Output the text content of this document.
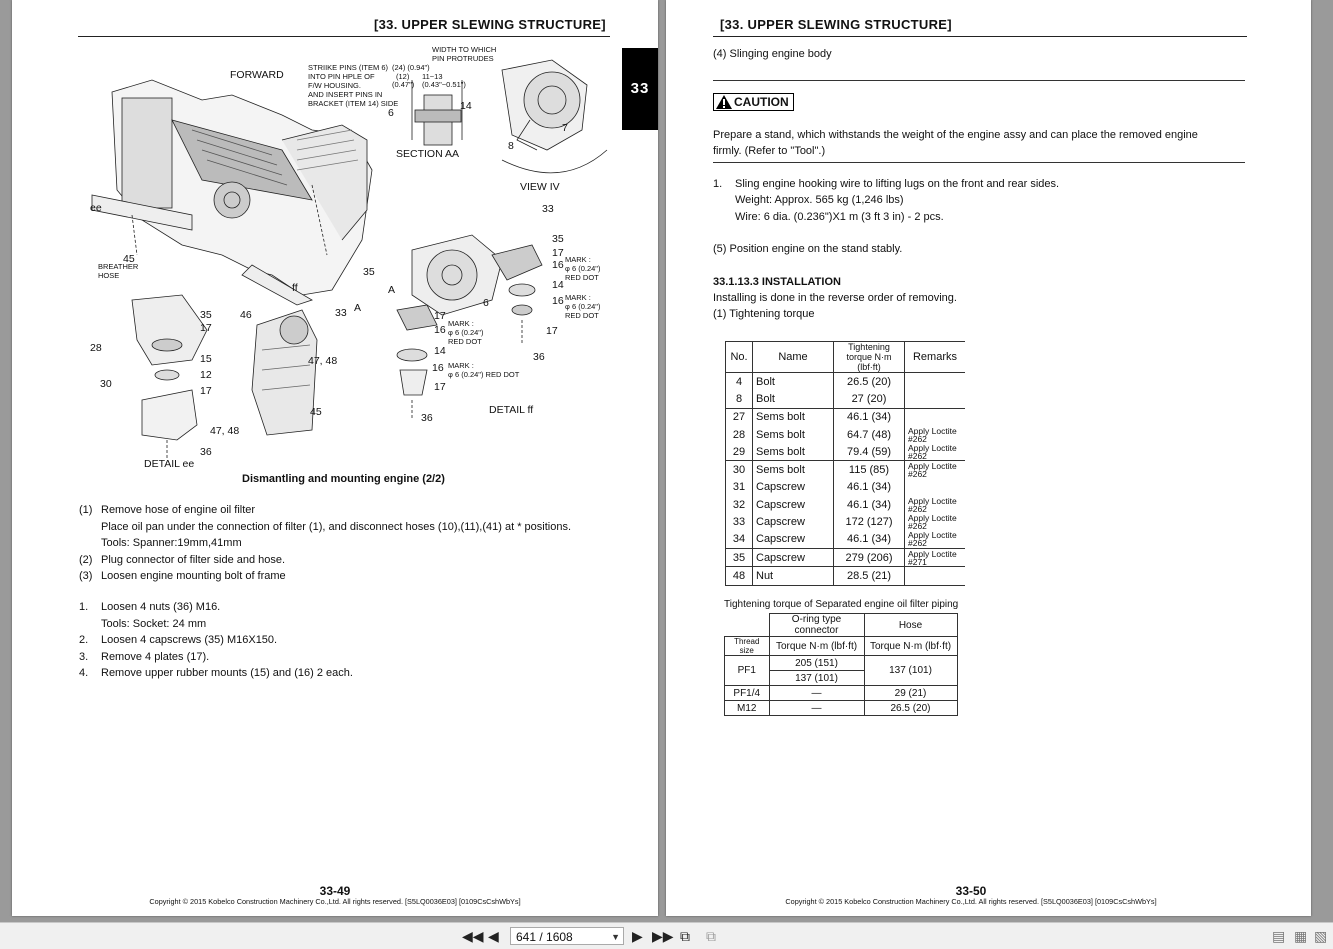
[33. UPPER SLEWING STRUCTURE]
FORWARD
STRIIKE PINS (ITEM 6)
INTO PIN HPLE OF
F/W HOUSING.
AND INSERT PINS IN
BRACKET (ITEM 14) SIDE
WIDTH TO WHICH
PIN PROTRUDES
(24) (0.94")
(12)
(0.47")
11~13
(0.43"~0.51")
6
14
7
8
SECTION AA
VIEW IV
ee
45
BREATHER
HOSE
ff
33
35
17
16 MARK :
φ 6 (0.24")
RED DOT
14
16 MARK :
φ 6 (0.24")
RED DOT
17
36
35
A
6
A
33	17
MARK :
φ 6 (0.24")
RED DOT
16
14
16 MARK :
φ 6 (0.24") RED DOT
17
36
DETAIL ff
35
17
46
28
15
12
30
17
47, 48
45
47, 48
36
DETAIL ee
Dismantling and mounting engine (2/2)
(1) Remove hose of engine oil filter
Place oil pan under the connection of filter (1), and disconnect hoses (10),(11),(41) at * positions.
Tools: Spanner:19mm,41mm
(2) Plug connector of filter side and hose.
(3) Loosen engine mounting bolt of frame
1. Loosen 4 nuts (36) M16.
Tools: Socket: 24 mm
2. Loosen 4 capscrews (35) M16X150.
3. Remove 4 plates (17).
4. Remove upper rubber mounts (15) and (16) 2 each.
33-49
Copyright © 2015 Kobelco Construction Machinery Co.,Ltd. All rights reserved. [S5LQ0036E03] [0109CsCshWbYs]
33
[33. UPPER SLEWING STRUCTURE]
(4) Slinging engine body
CAUTION
Prepare a stand, which withstands the weight of the engine assy and can place the removed engine
firmly. (Refer to "Tool".)
1. Sling engine hooking wire to lifting lugs on the front and rear sides.
Weight: Approx. 565 kg (1,246 lbs)
Wire: 6 dia. (0.236")X1 m (3 ft 3 in) - 2 pcs.
(5) Position engine on the stand stably.
33.1.13.3 INSTALLATION
Installing is done in the reverse order of removing.
(1) Tightening torque
No.	Name	Tightening torque N·m (lbf·ft)	Remarks
4	Bolt	26.5 (20)	
8	Bolt	27 (20)	
27	Sems bolt	46.1 (34)	
28	Sems bolt	64.7 (48)	Apply Loctite #262
29	Sems bolt	79.4 (59)	Apply Loctite #262
30	Sems bolt	115 (85)	Apply Loctite #262
31	Capscrew	46.1 (34)	
32	Capscrew	46.1 (34)	Apply Loctite #262
33	Capscrew	172 (127)	Apply Loctite #262
34	Capscrew	46.1 (34)	Apply Loctite #262
35	Capscrew	279 (206)	Apply Loctite #271
48	Nut	28.5 (21)	
Tightening torque of Separated engine oil filter piping
	O-ring type connector	Hose
Thread size	Torque N·m (lbf·ft)	Torque N·m (lbf·ft)
PF1	205 (151)	137 (101)
	137 (101)	
PF1/4	—	29 (21)
M12	—	26.5 (20)
33-50
Copyright © 2015 Kobelco Construction Machinery Co.,Ltd. All rights reserved. [S5LQ0036E03] [0109CsCshWbYs]
◀◀ ◀	641 / 1608	▼ ▶ ▶▶ ⧉ ⧉	▤ ▦ ▧
